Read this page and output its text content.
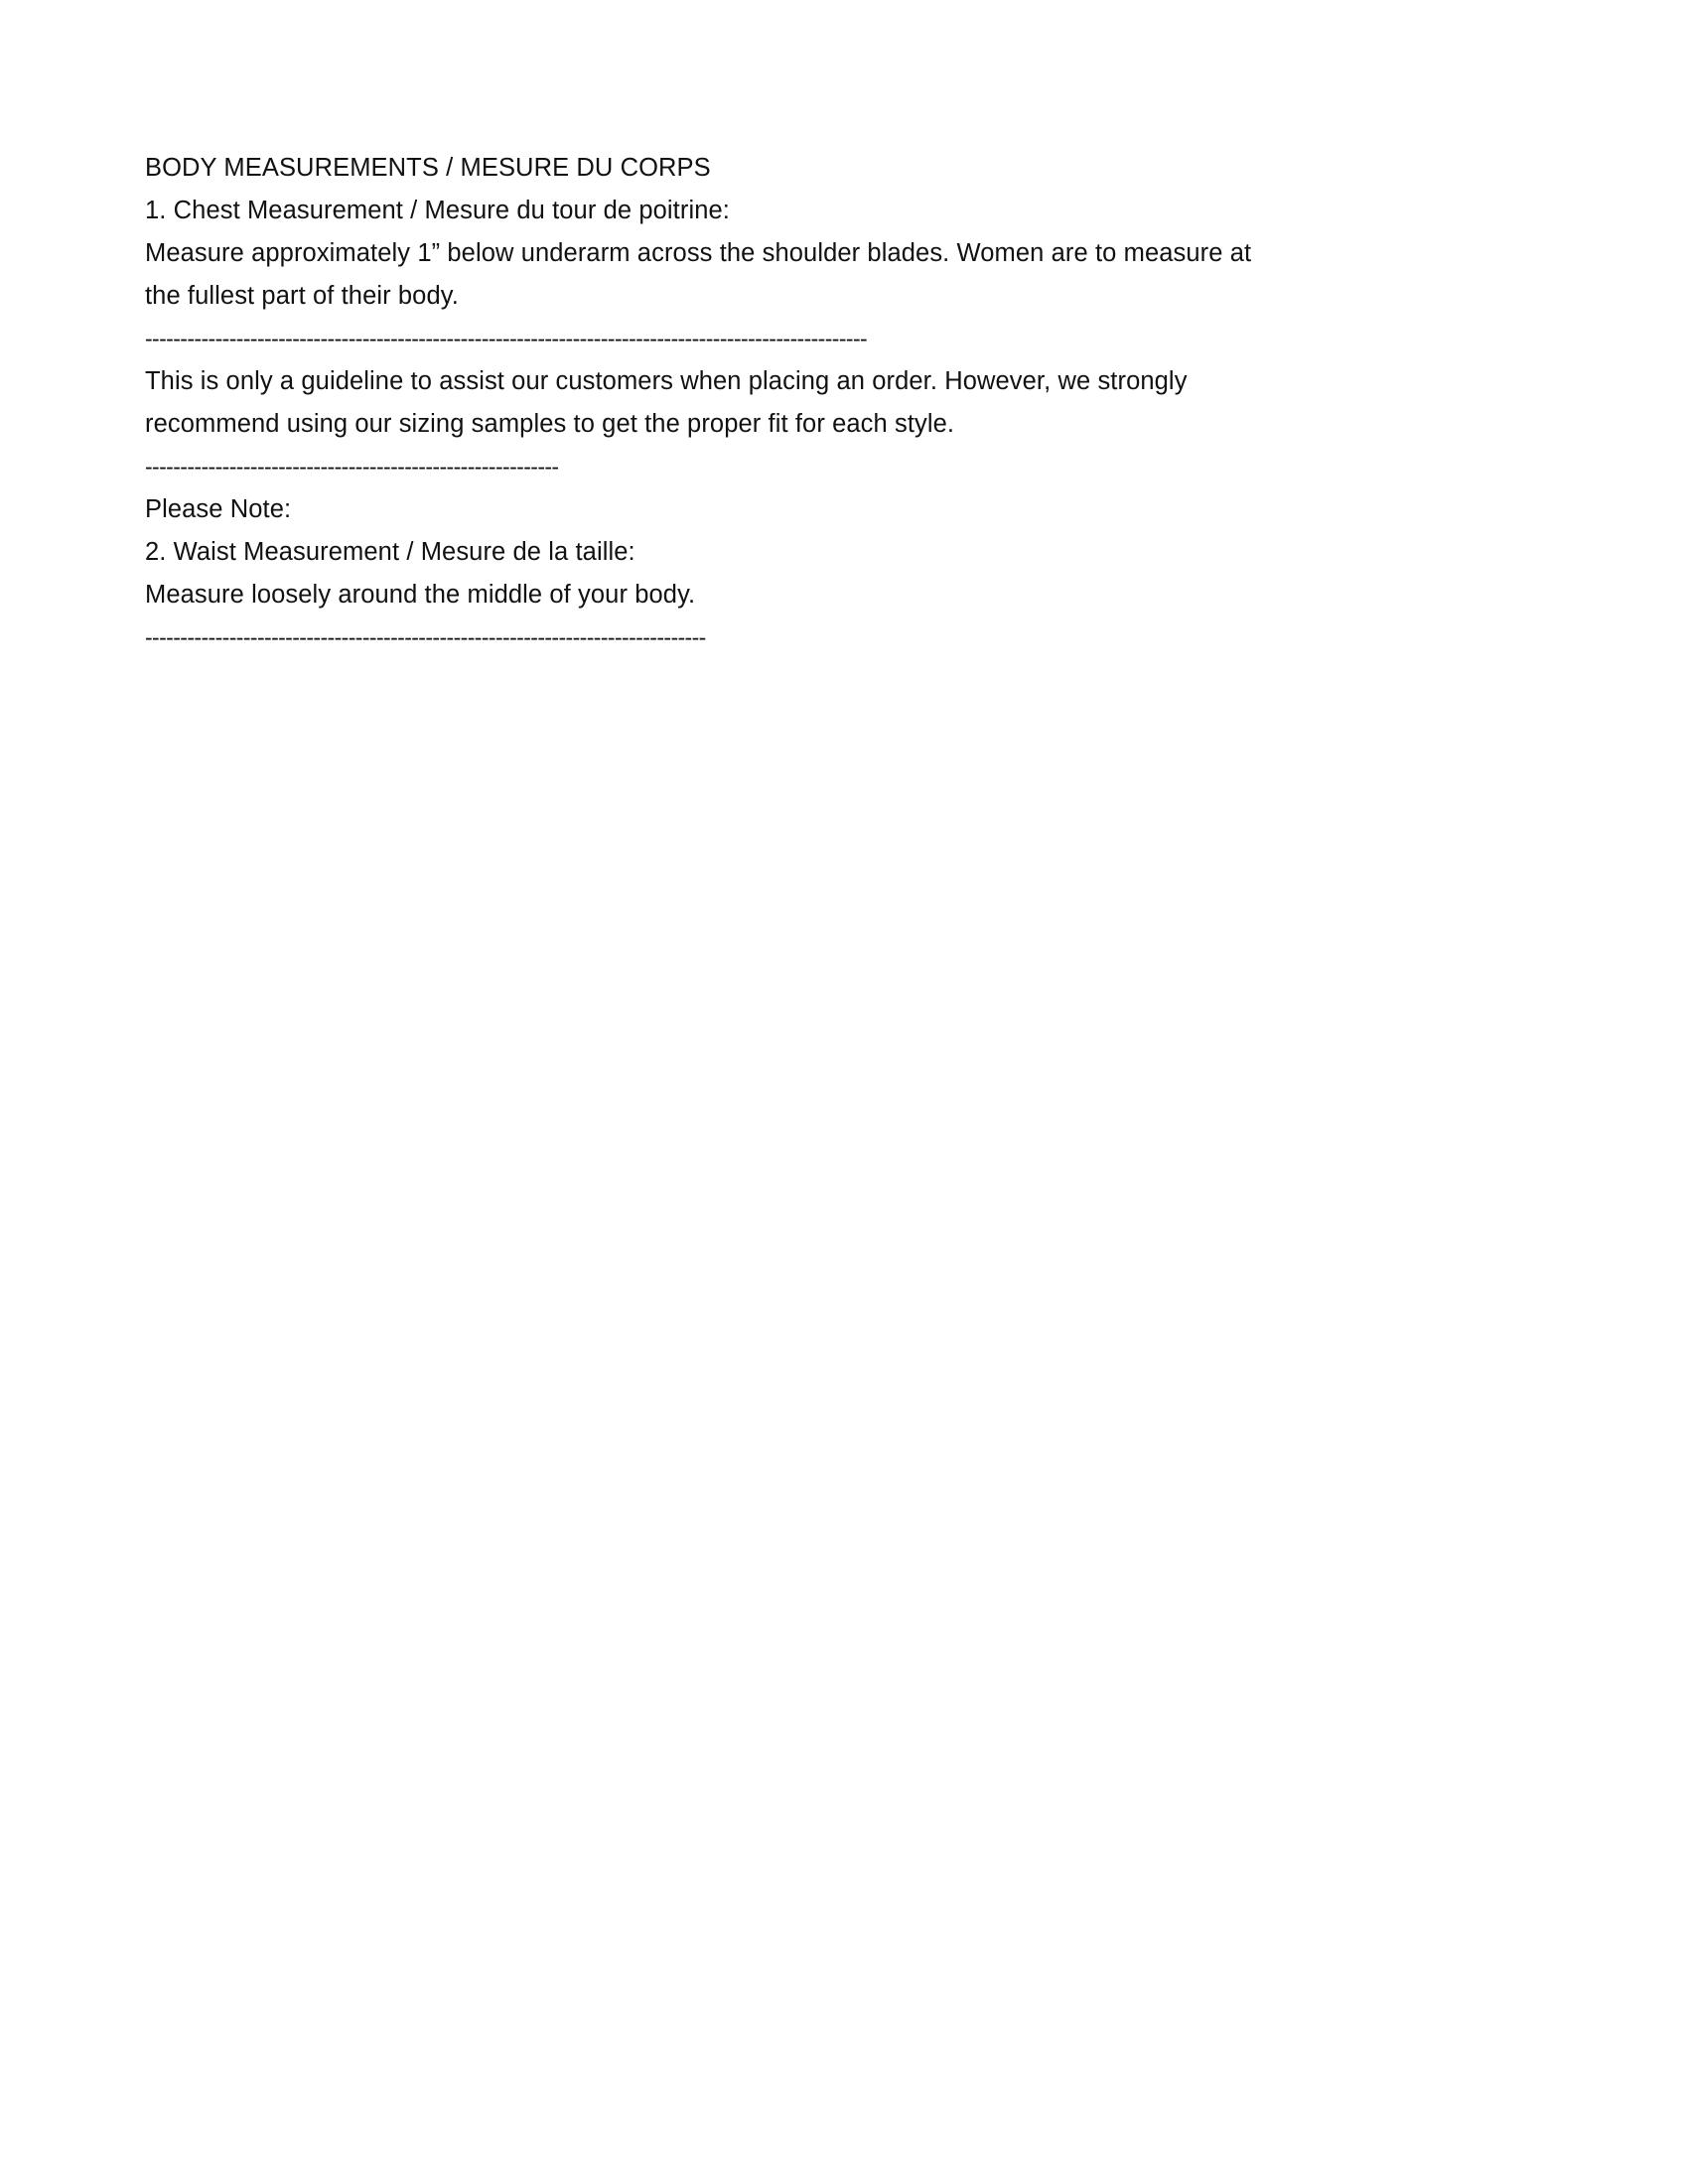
BODY MEASUREMENTS / MESURE DU CORPS
1. Chest Measurement / Mesure du tour de poitrine:
Measure approximately 1” below underarm across the shoulder blades. Women are to measure at the fullest part of their body.
-------------------------------------------------------------------------------------------------------
This is only a guideline to assist our customers when placing an order. However, we strongly recommend using our sizing samples to get the proper fit for each style.
-----------------------------------------------------------
Please Note:
2. Waist Measurement / Mesure de la taille:
Measure loosely around the middle of your body.
--------------------------------------------------------------------------------
